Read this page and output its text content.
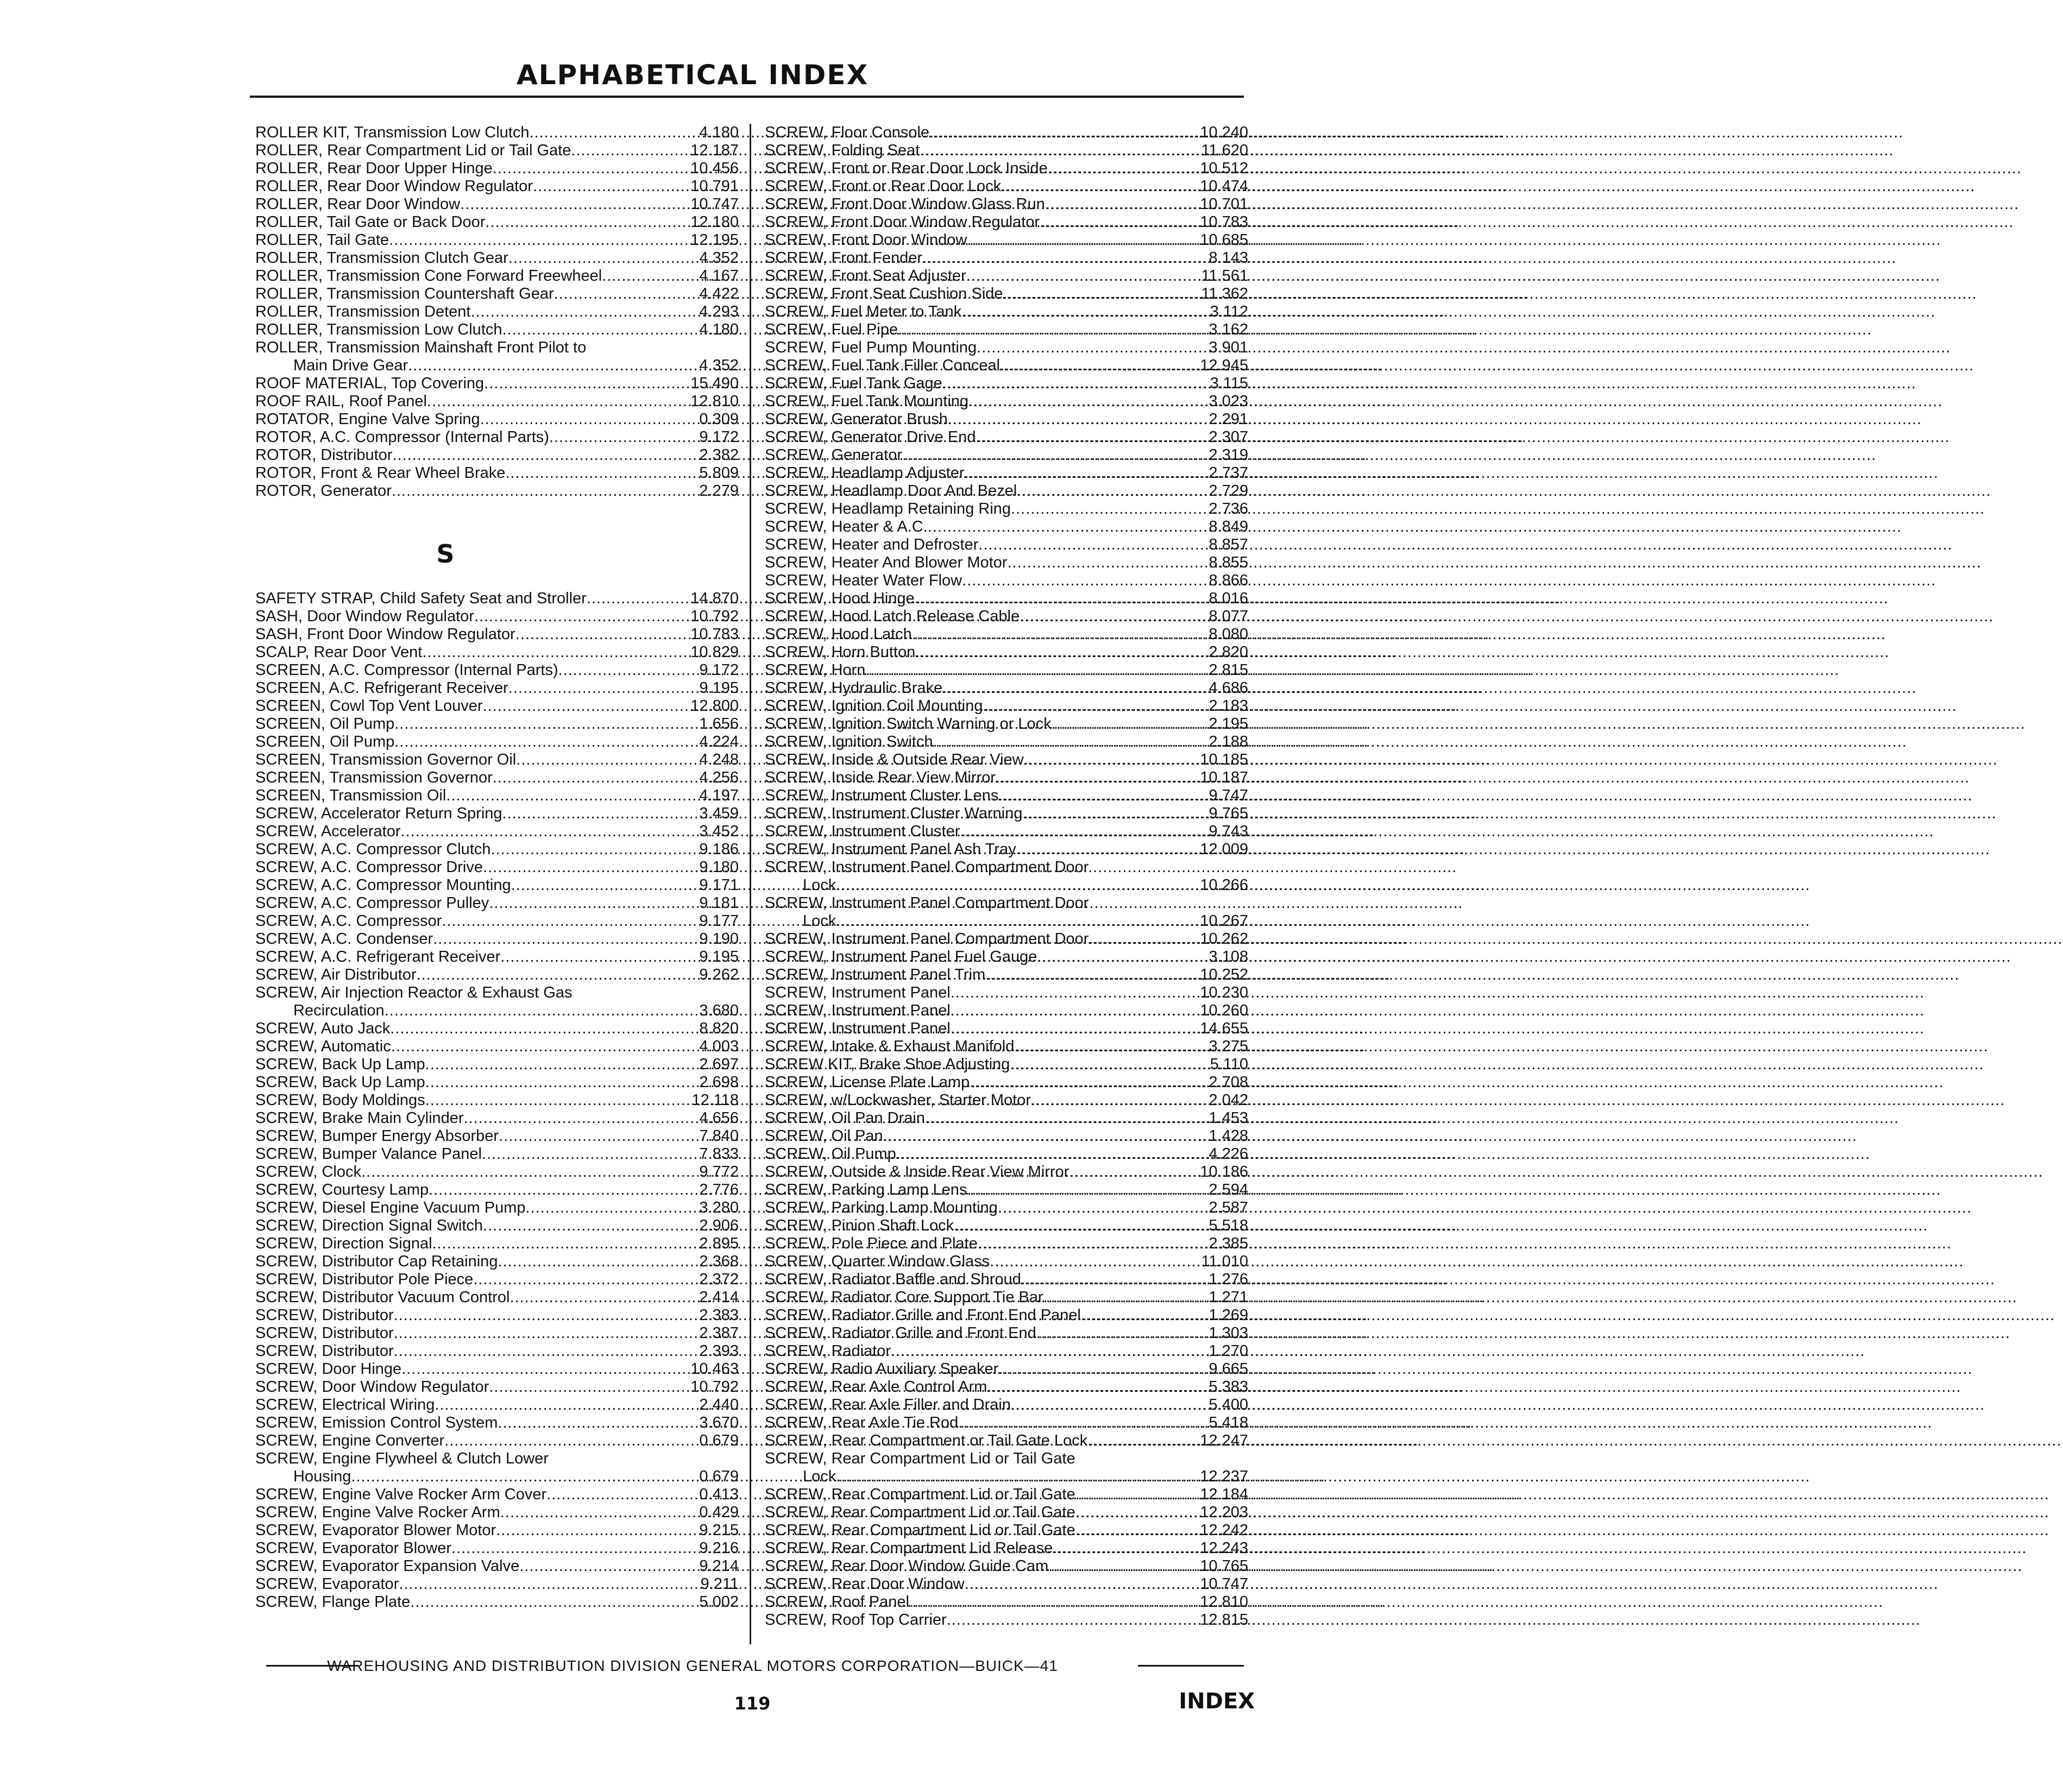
ALPHABETICAL INDEX
ROLLER KIT, Transmission Low Clutch .....	4.180
ROLLER, Rear Compartment Lid or Tail Gate .....	12.187
ROLLER, Rear Door Upper Hinge .....	10.456
ROLLER, Rear Door Window Regulator .....	10.791
ROLLER, Rear Door Window .....	10.747
ROLLER, Tail Gate or Back Door .....	12.180
ROLLER, Tail Gate .....	12.195
ROLLER, Transmission Clutch Gear .....	4.352
ROLLER, Transmission Cone Forward Freewheel .....	4.167
ROLLER, Transmission Countershaft Gear .....	4.422
ROLLER, Transmission Detent .....	4.293
ROLLER, Transmission Low Clutch .....	4.180
ROLLER, Transmission Mainshaft Front Pilot to
Main Drive Gear .....	4.352
ROOF MATERIAL, Top Covering .....	15.490
ROOF RAIL, Roof Panel .....	12.810
ROTATOR, Engine Valve Spring .....	0.309
ROTOR, A.C. Compressor (Internal Parts) .....	9.172
ROTOR, Distributor .....	2.382
ROTOR, Front & Rear Wheel Brake .....	5.809
ROTOR, Generator .....	2.279
S
SAFETY STRAP, Child Safety Seat and Stroller .....	14.870
SASH, Door Window Regulator .....	10.792
SASH, Front Door Window Regulator .....	10.783
SCALP, Rear Door Vent .....	10.829
SCREEN, A.C. Compressor (Internal Parts) .....	9.172
SCREEN, A.C. Refrigerant Receiver .....	9.195
SCREEN, Cowl Top Vent Louver .....	12.800
SCREEN, Oil Pump .....	1.656
SCREEN, Oil Pump .....	4.224
SCREEN, Transmission Governor Oil .....	4.248
SCREEN, Transmission Governor .....	4.256
SCREEN, Transmission Oil .....	4.197
SCREW, Accelerator Return Spring .....	3.459
SCREW, Accelerator .....	3.452
SCREW, A.C. Compressor Clutch .....	9.186
SCREW, A.C. Compressor Drive .....	9.180
SCREW, A.C. Compressor Mounting .....	9.171
SCREW, A.C. Compressor Pulley .....	9.181
SCREW, A.C. Compressor .....	9.177
SCREW, A.C. Condenser .....	9.190
SCREW, A.C. Refrigerant Receiver .....	9.195
SCREW, Air Distributor .....	9.262
SCREW, Air Injection Reactor & Exhaust Gas
Recirculation .....	3.680
SCREW, Auto Jack .....	8.820
SCREW, Automatic .....	4.003
SCREW, Back Up Lamp .....	2.697
SCREW, Back Up Lamp .....	2.698
SCREW, Body Moldings .....	12.118
SCREW, Brake Main Cylinder .....	4.656
SCREW, Bumper Energy Absorber .....	7.840
SCREW, Bumper Valance Panel .....	7.833
SCREW, Clock .....	9.772
SCREW, Courtesy Lamp .....	2.776
SCREW, Diesel Engine Vacuum Pump .....	3.280
SCREW, Direction Signal Switch .....	2.906
SCREW, Direction Signal .....	2.895
SCREW, Distributor Cap Retaining .....	2.368
SCREW, Distributor Pole Piece .....	2.372
SCREW, Distributor Vacuum Control .....	2.414
SCREW, Distributor .....	2.383
SCREW, Distributor .....	2.387
SCREW, Distributor .....	2.393
SCREW, Door Hinge .....	10.463
SCREW, Door Window Regulator .....	10.792
SCREW, Electrical Wiring .....	2.440
SCREW, Emission Control System .....	3.670
SCREW, Engine Converter .....	0.679
SCREW, Engine Flywheel & Clutch Lower
Housing .....	0.679
SCREW, Engine Valve Rocker Arm Cover .....	0.413
SCREW, Engine Valve Rocker Arm .....	0.429
SCREW, Evaporator Blower Motor .....	9.215
SCREW, Evaporator Blower .....	9.216
SCREW, Evaporator Expansion Valve .....	9.214
SCREW, Evaporator .....	9.211
SCREW, Flange Plate .....	5.002
SCREW, Floor Console .....	10.240
SCREW, Folding Seat .....	11.620
SCREW, Front or Rear Door Lock Inside .....	10.512
SCREW, Front or Rear Door Lock .....	10.474
SCREW, Front Door Window Glass Run .....	10.701
SCREW, Front Door Window Regulator .....	10.783
SCREW, Front Door Window .....	10.685
SCREW, Front Fender .....	8.143
SCREW, Front Seat Adjuster .....	11.561
SCREW, Front Seat Cushion Side .....	11.362
SCREW, Fuel Meter to Tank .....	3.112
SCREW, Fuel Pipe .....	3.162
SCREW, Fuel Pump Mounting .....	3.901
SCREW, Fuel Tank Filler Conceal .....	12.945
SCREW, Fuel Tank Gage .....	3.115
SCREW, Fuel Tank Mounting .....	3.023
SCREW, Generator Brush .....	2.291
SCREW, Generator Drive End .....	2.307
SCREW, Generator .....	2.319
SCREW, Headlamp Adjuster .....	2.737
SCREW, Headlamp Door And Bezel .....	2.729
SCREW, Headlamp Retaining Ring .....	2.736
SCREW, Heater & A.C. .....	8.849
SCREW, Heater and Defroster .....	8.857
SCREW, Heater And Blower Motor .....	8.855
SCREW, Heater Water Flow .....	8.866
SCREW, Hood Hinge .....	8.016
SCREW, Hood Latch Release Cable .....	8.077
SCREW, Hood Latch .....	8.080
SCREW, Horn Button .....	2.820
SCREW, Horn .....	2.815
SCREW, Hydraulic Brake .....	4.686
SCREW, Ignition Coil Mounting .....	2.183
SCREW, Ignition Switch Warning or Lock .....	2.195
SCREW, Ignition Switch .....	2.188
SCREW, Inside & Outside Rear View .....	10.185
SCREW, Inside Rear View Mirror .....	10.187
SCREW, Instrument Cluster Lens .....	9.747
SCREW, Instrument Cluster Warning .....	9.765
SCREW, Instrument Cluster .....	9.743
SCREW, Instrument Panel Ash Tray .....	12.009
SCREW, Instrument Panel Compartment Door
Lock .....	10.266
SCREW, Instrument Panel Compartment Door
Lock .....	10.267
SCREW, Instrument Panel Compartment Door .....	10.262
SCREW, Instrument Panel Fuel Gauge .....	3.108
SCREW, Instrument Panel Trim .....	10.252
SCREW, Instrument Panel .....	10.230
SCREW, Instrument Panel .....	10.260
SCREW, Instrument Panel .....	14.655
SCREW, Intake & Exhaust Manifold .....	3.275
SCREW KIT, Brake Shoe Adjusting .....	5.110
SCREW, License Plate Lamp .....	2.708
SCREW, w/Lockwasher, Starter Motor .....	2.042
SCREW, Oil Pan Drain .....	1.453
SCREW, Oil Pan .....	1.428
SCREW, Oil Pump .....	4.226
SCREW, Outside & Inside Rear View Mirror .....	10.186
SCREW, Parking Lamp Lens .....	2.594
SCREW, Parking Lamp Mounting .....	2.587
SCREW, Pinion Shaft Lock .....	5.518
SCREW, Pole Piece and Plate .....	2.385
SCREW, Quarter Window Glass .....	11.010
SCREW, Radiator Baffle and Shroud .....	1.276
SCREW, Radiator Core Support Tie Bar .....	1.271
SCREW, Radiator Grille and Front End Panel .....	1.269
SCREW, Radiator Grille and Front End .....	1.303
SCREW, Radiator .....	1.270
SCREW, Radio Auxiliary Speaker .....	9.665
SCREW, Rear Axle Control Arm .....	5.383
SCREW, Rear Axle Filler and Drain .....	5.400
SCREW, Rear Axle Tie Rod .....	5.418
SCREW, Rear Compartment or Tail Gate Lock .....	12.247
SCREW, Rear Compartment Lid or Tail Gate
Lock .....	12.237
SCREW, Rear Compartment Lid or Tail Gate .....	12.184
SCREW, Rear Compartment Lid or Tail Gate .....	12.203
SCREW, Rear Compartment Lid or Tail Gate .....	12.242
SCREW, Rear Compartment Lid Release .....	12.243
SCREW, Rear Door Window Guide Cam .....	10.765
SCREW, Rear Door Window .....	10.747
SCREW, Roof Panel .....	12.810
SCREW, Roof Top Carrier .....	12.815
WAREHOUSING AND DISTRIBUTION DIVISION GENERAL MOTORS CORPORATION—BUICK—41
119	INDEX
